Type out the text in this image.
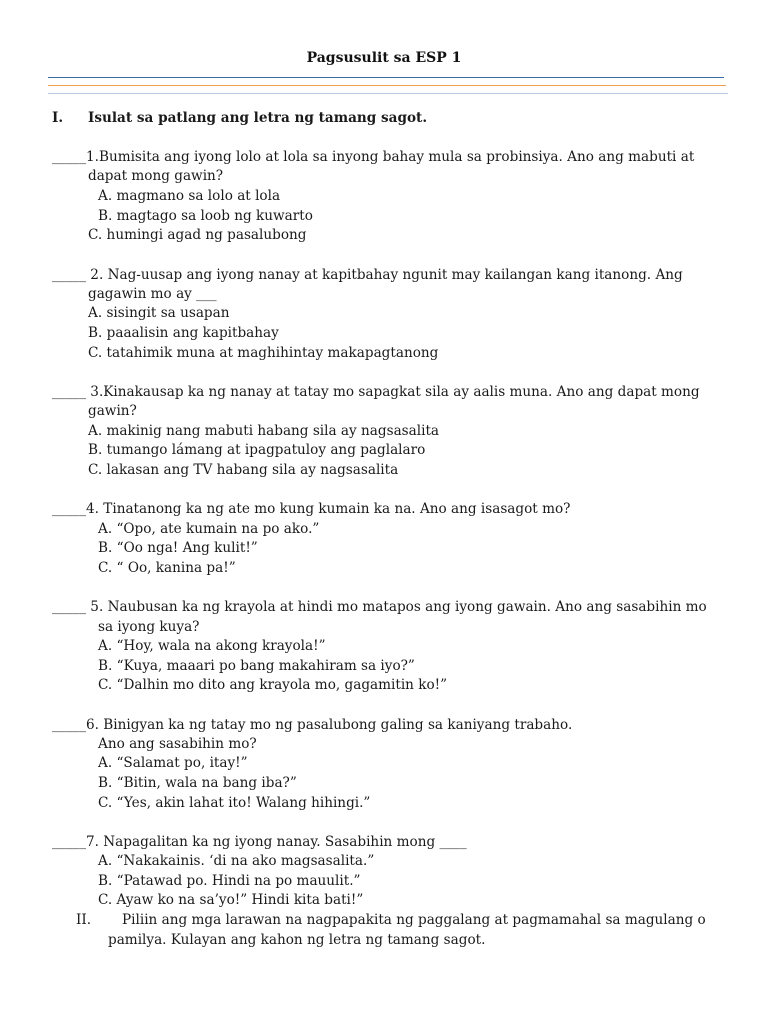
Pagsusulit sa ESP 1
I. Isulat sa patlang ang letra ng tamang sagot.
_____1.Bumisita ang iyong lolo at lola sa inyong bahay mula sa probinsiya. Ano ang mabuti at
dapat mong gawin?
A. magmano sa lolo at lola
B. magtago sa loob ng kuwarto
C. humingi agad ng pasalubong
_____ 2. Nag-uusap ang iyong nanay at kapitbahay ngunit may kailangan kang itanong. Ang
gagawin mo ay ___
A. sisingit sa usapan
B. paaalisin ang kapitbahay
C. tatahimik muna at maghihintay makapagtanong
_____ 3.Kinakausap ka ng nanay at tatay mo sapagkat sila ay aalis muna. Ano ang dapat mong
gawin?
A. makinig nang mabuti habang sila ay nagsasalita
B. tumango lámang at ipagpatuloy ang paglalaro
C. lakasan ang TV habang sila ay nagsasalita
_____4. Tinatanong ka ng ate mo kung kumain ka na. Ano ang isasagot mo?
A. “Opo, ate kumain na po ako.”
B. “Oo nga! Ang kulit!”
C. “ Oo, kanina pa!”
_____ 5. Naubusan ka ng krayola at hindi mo matapos ang iyong gawain. Ano ang sasabihin mo
sa iyong kuya?
A. “Hoy, wala na akong krayola!”
B. “Kuya, maaari po bang makahiram sa iyo?”
C. “Dalhin mo dito ang krayola mo, gagamitin ko!”
_____6. Binigyan ka ng tatay mo ng pasalubong galing sa kaniyang trabaho.
Ano ang sasabihin mo?
A. “Salamat po, itay!”
B. “Bitin, wala na bang iba?”
C. “Yes, akin lahat ito! Walang hihingi.”
_____7. Napagalitan ka ng iyong nanay. Sasabihin mong ____
A. “Nakakainis. ‘di na ako magsasalita.”
B. “Patawad po. Hindi na po mauulit.”
C. Ayaw ko na sa’yo!” Hindi kita bati!”
II. Piliin ang mga larawan na nagpapakita ng paggalang at pagmamahal sa magulang o
pamilya. Kulayan ang kahon ng letra ng tamang sagot.
